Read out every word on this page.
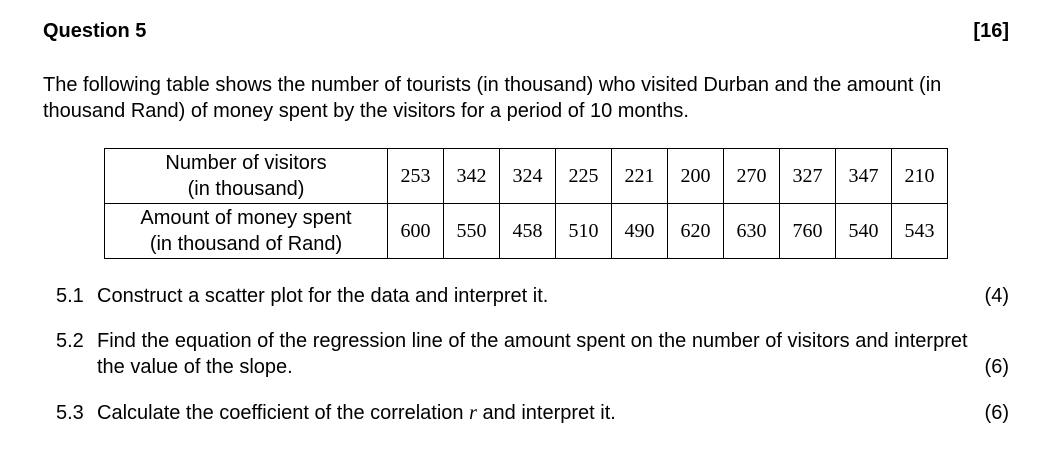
Question 5	[16]
The following table shows the number of tourists (in thousand) who visited Durban and the amount (in thousand Rand) of money spent by the visitors for a period of 10 months.
Number of visitors
(in thousand)	253	342	324	225	221	200	270	327	347	210

Amount of money spent
(in thousand of Rand)	600	550	458	510	490	620	630	760	540	543
5.1 Construct a scatter plot for the data and interpret it.	(4)
5.2 Find the equation of the regression line of the amount spent on the number of visitors and interpret the value of the slope.	(6)
5.3 Calculate the coefficient of the correlation r and interpret it.	(6)
